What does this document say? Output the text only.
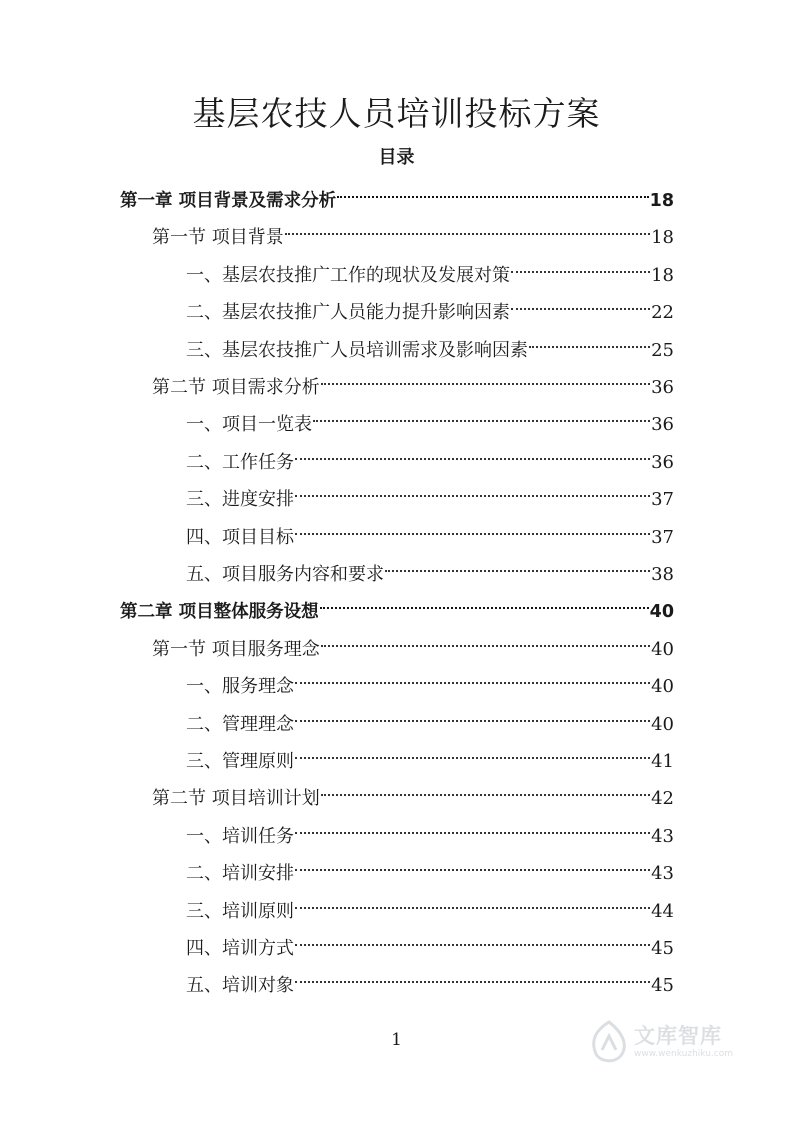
基层农技人员培训投标方案
目录
第一章 项目背景及需求分析	18
第一节 项目背景	18
一、基层农技推广工作的现状及发展对策	18
二、基层农技推广人员能力提升影响因素	22
三、基层农技推广人员培训需求及影响因素	25
第二节 项目需求分析	36
一、项目一览表	36
二、工作任务	36
三、进度安排	37
四、项目目标	37
五、项目服务内容和要求	38
第二章 项目整体服务设想	40
第一节 项目服务理念	40
一、服务理念	40
二、管理理念	40
三、管理原则	41
第二节 项目培训计划	42
一、培训任务	43
二、培训安排	43
三、培训原则	44
四、培训方式	45
五、培训对象	45
1	文库智库
www.wenkuzhiku.com
